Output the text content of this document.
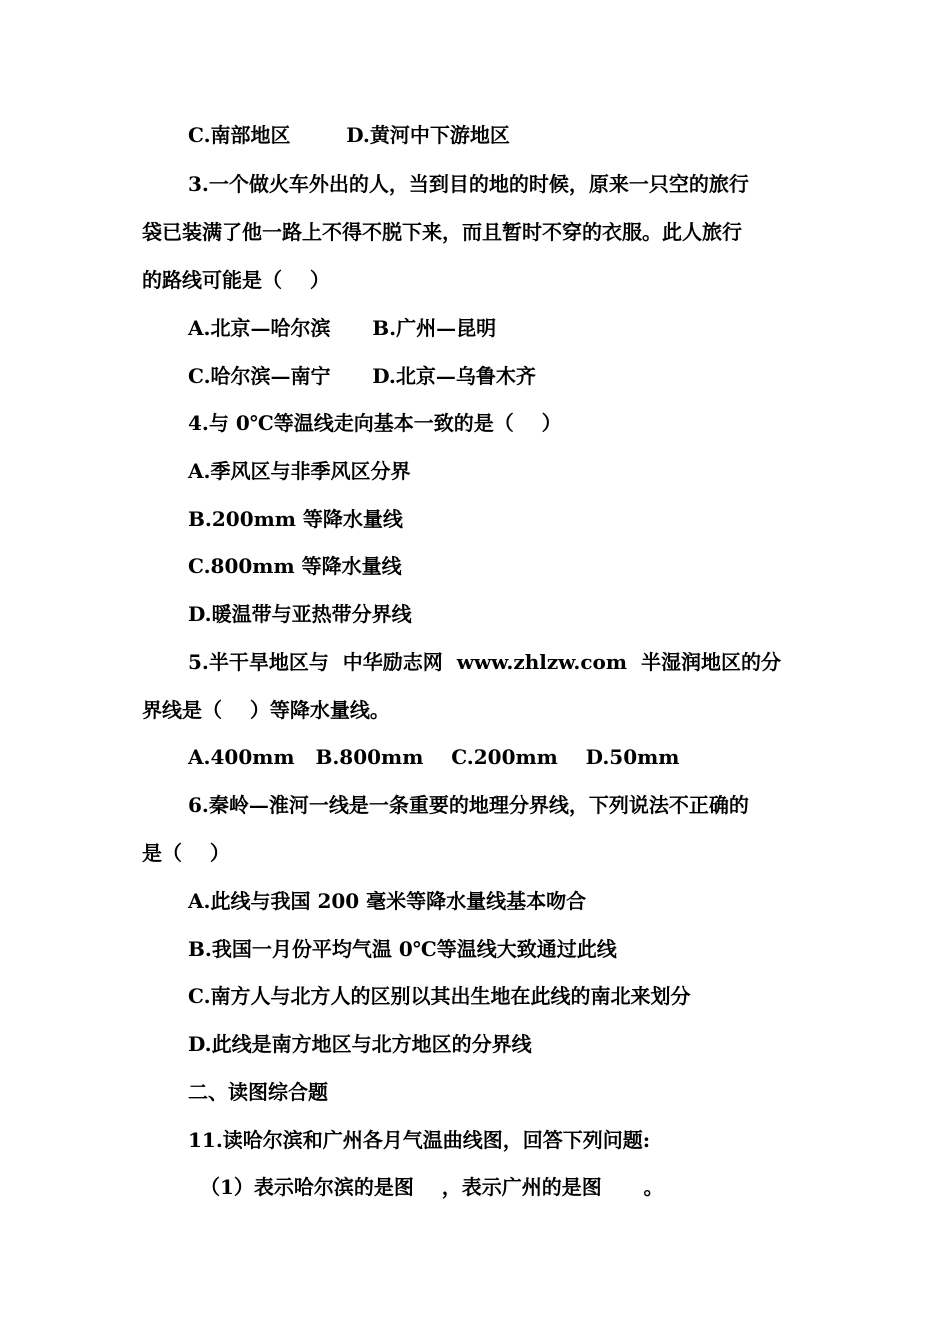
C.南部地区        D.黄河中下游地区
3.一个做火车外出的人，当到目的地的时候，原来一只空的旅行
袋已装满了他一路上不得不脱下来，而且暂时不穿的衣服。此人旅行
的路线可能是（    ）
A.北京—哈尔滨      B.广州—昆明
C.哈尔滨—南宁      D.北京—乌鲁木齐
4.与 0℃等温线走向基本一致的是（    ）
A.季风区与非季风区分界
B.200mm 等降水量线
C.800mm 等降水量线
D.暖温带与亚热带分界线
5.半干旱地区与  中华励志网  www.zhlzw.com  半湿润地区的分
界线是（    ）等降水量线。
A.400mm   B.800mm    C.200mm    D.50mm
6.秦岭—淮河一线是一条重要的地理分界线，下列说法不正确的
是（    ）
A.此线与我国 200 毫米等降水量线基本吻合
B.我国一月份平均气温 0℃等温线大致通过此线
C.南方人与北方人的区别以其出生地在此线的南北来划分
D.此线是南方地区与北方地区的分界线
二、读图综合题
11.读哈尔滨和广州各月气温曲线图，回答下列问题:
（1）表示哈尔滨的是图    ，表示广州的是图      。
